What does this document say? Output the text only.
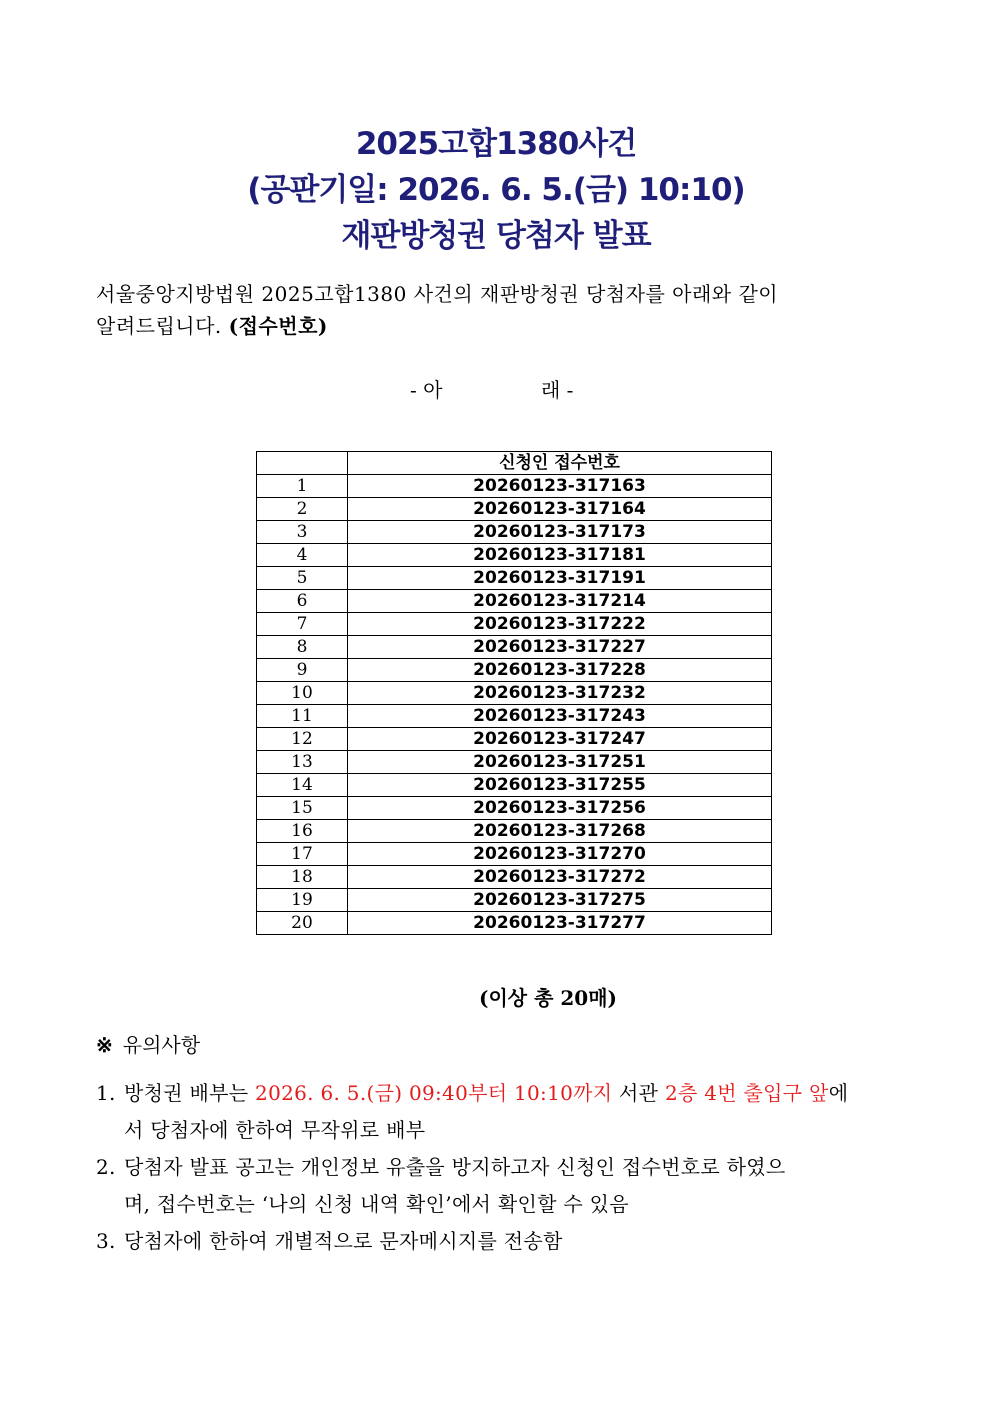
2025고합1380사건
(공판기일: 2026. 6. 5.(금) 10:10)
재판방청권 당첨자 발표
서울중앙지방법원 2025고합1380 사건의 재판방청권 당첨자를 아래와 같이
알려드립니다. (접수번호)
- 아	래 -
	신청인 접수번호
1	20260123-317163
2	20260123-317164
3	20260123-317173
4	20260123-317181
5	20260123-317191
6	20260123-317214
7	20260123-317222
8	20260123-317227
9	20260123-317228
10	20260123-317232
11	20260123-317243
12	20260123-317247
13	20260123-317251
14	20260123-317255
15	20260123-317256
16	20260123-317268
17	20260123-317270
18	20260123-317272
19	20260123-317275
20	20260123-317277
(이상 총 20매)
※ 유의사항
1. 방청권 배부는 2026. 6. 5.(금) 09:40부터 10:10까지 서관 2층 4번 출입구 앞에
서 당첨자에 한하여 무작위로 배부
2. 당첨자 발표 공고는 개인정보 유출을 방지하고자 신청인 접수번호로 하였으
며, 접수번호는 ‘나의 신청 내역 확인’에서 확인할 수 있음
3. 당첨자에 한하여 개별적으로 문자메시지를 전송함
